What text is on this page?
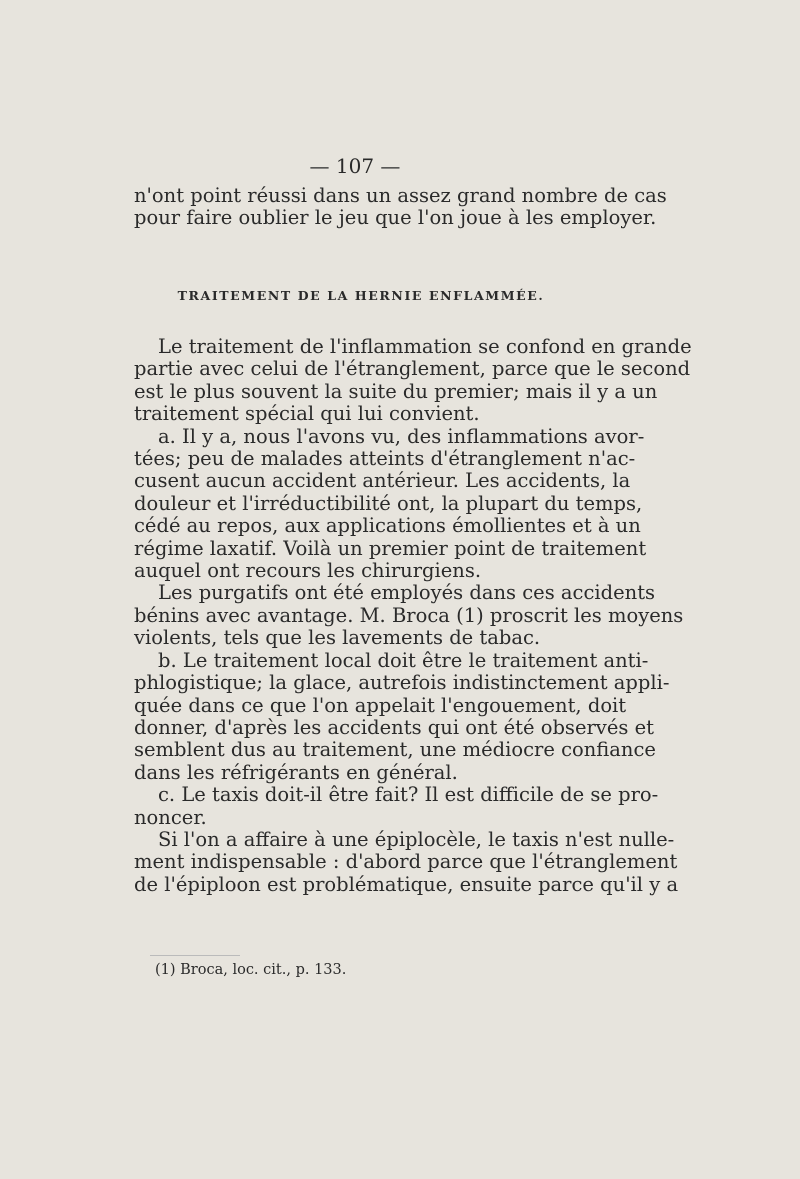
— 107 —
n'ont point réussi dans un assez grand nombre de cas
pour faire oublier le jeu que l'on joue à les employer.
TRAITEMENT DE LA HERNIE ENFLAMMÉE.
Le traitement de l'inflammation se confond en grande
partie avec celui de l'étranglement, parce que le second
est le plus souvent la suite du premier; mais il y a un
traitement spécial qui lui convient.
a. Il y a, nous l'avons vu, des inflammations avor-
tées; peu de malades atteints d'étranglement n'ac-
cusent aucun accident antérieur. Les accidents, la
douleur et l'irréductibilité ont, la plupart du temps,
cédé au repos, aux applications émollientes et à un
régime laxatif. Voilà un premier point de traitement
auquel ont recours les chirurgiens.
Les purgatifs ont été employés dans ces accidents
bénins avec avantage. M. Broca (1) proscrit les moyens
violents, tels que les lavements de tabac.
b. Le traitement local doit être le traitement anti-
phlogistique; la glace, autrefois indistinctement appli-
quée dans ce que l'on appelait l'engouement, doit
donner, d'après les accidents qui ont été observés et
semblent dus au traitement, une médiocre confiance
dans les réfrigérants en général.
c. Le taxis doit-il être fait? Il est difficile de se pro-
noncer.
Si l'on a affaire à une épiplocèle, le taxis n'est nulle-
ment indispensable : d'abord parce que l'étranglement
de l'épiploon est problématique, ensuite parce qu'il y a
(1) Broca, loc. cit., p. 133.
